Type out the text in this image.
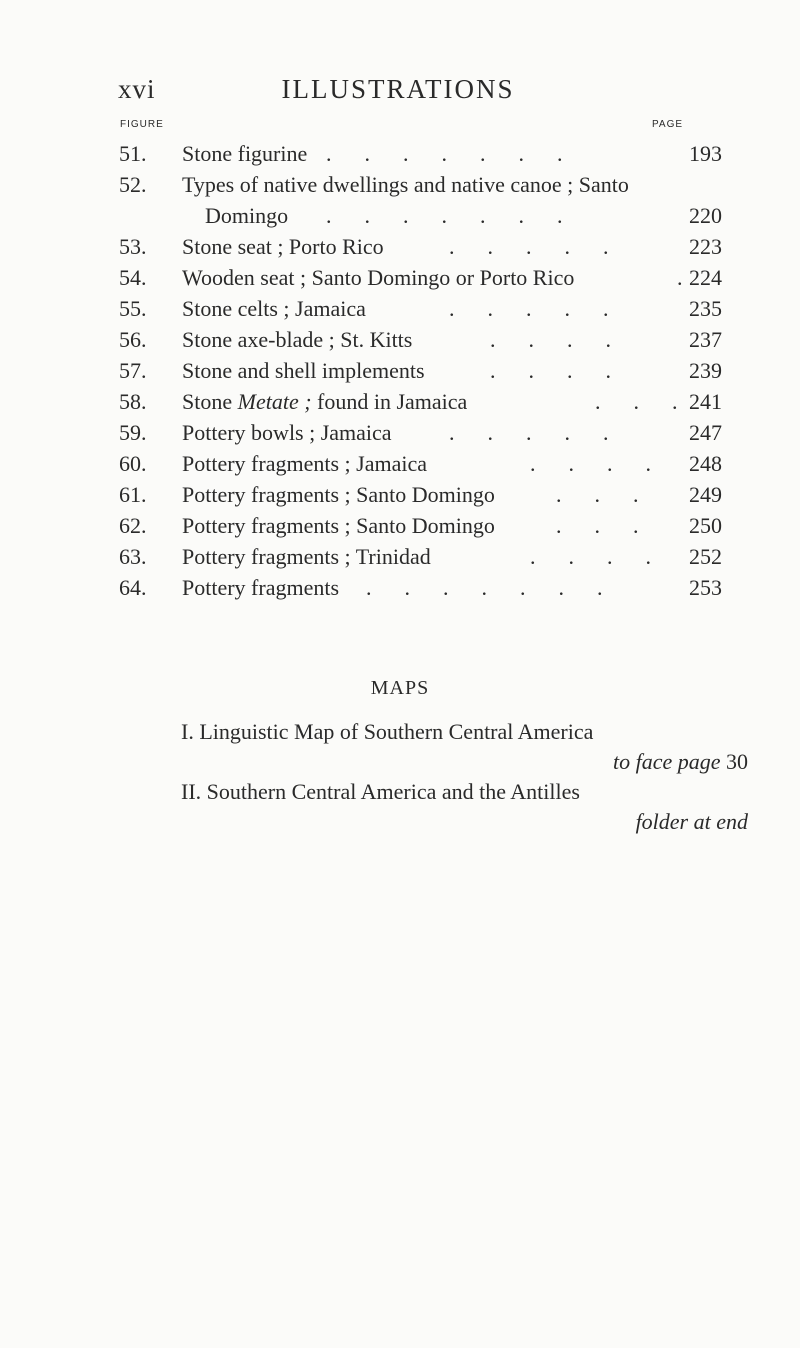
xvi	ILLUSTRATIONS
FIGURE	PAGE
51. Stone figurine .      .      .      .      .      .      .	193
52. Types of native dwellings and native canoe ; Santo
Domingo .      .      .      .      .      .      .	220
53. Stone seat ; Porto Rico	.      .      .      .      .	223
54. Wooden seat ; Santo Domingo or Porto Rico	. 224
55. Stone celts ; Jamaica	.      .      .      .      .	235
56. Stone axe-blade ; St. Kitts	.      .      .      .	237
57. Stone and shell implements	.      .      .      .	239
58. Stone Metate ; found in Jamaica	.      .      . 241
59. Pottery bowls ; Jamaica	.      .      .      .      .	247
60. Pottery fragments ; Jamaica	.      .      .      . 248
61. Pottery fragments ; Santo Domingo	.      .      . 249
62. Pottery fragments ; Santo Domingo	.      .      . 250
63. Pottery fragments ; Trinidad	.      .      .      . 252
64. Pottery fragments .      .      .      .      .      .      .	253
MAPS
I. Linguistic Map of Southern Central America
to face page 30
II. Southern Central America and the Antilles
folder at end
